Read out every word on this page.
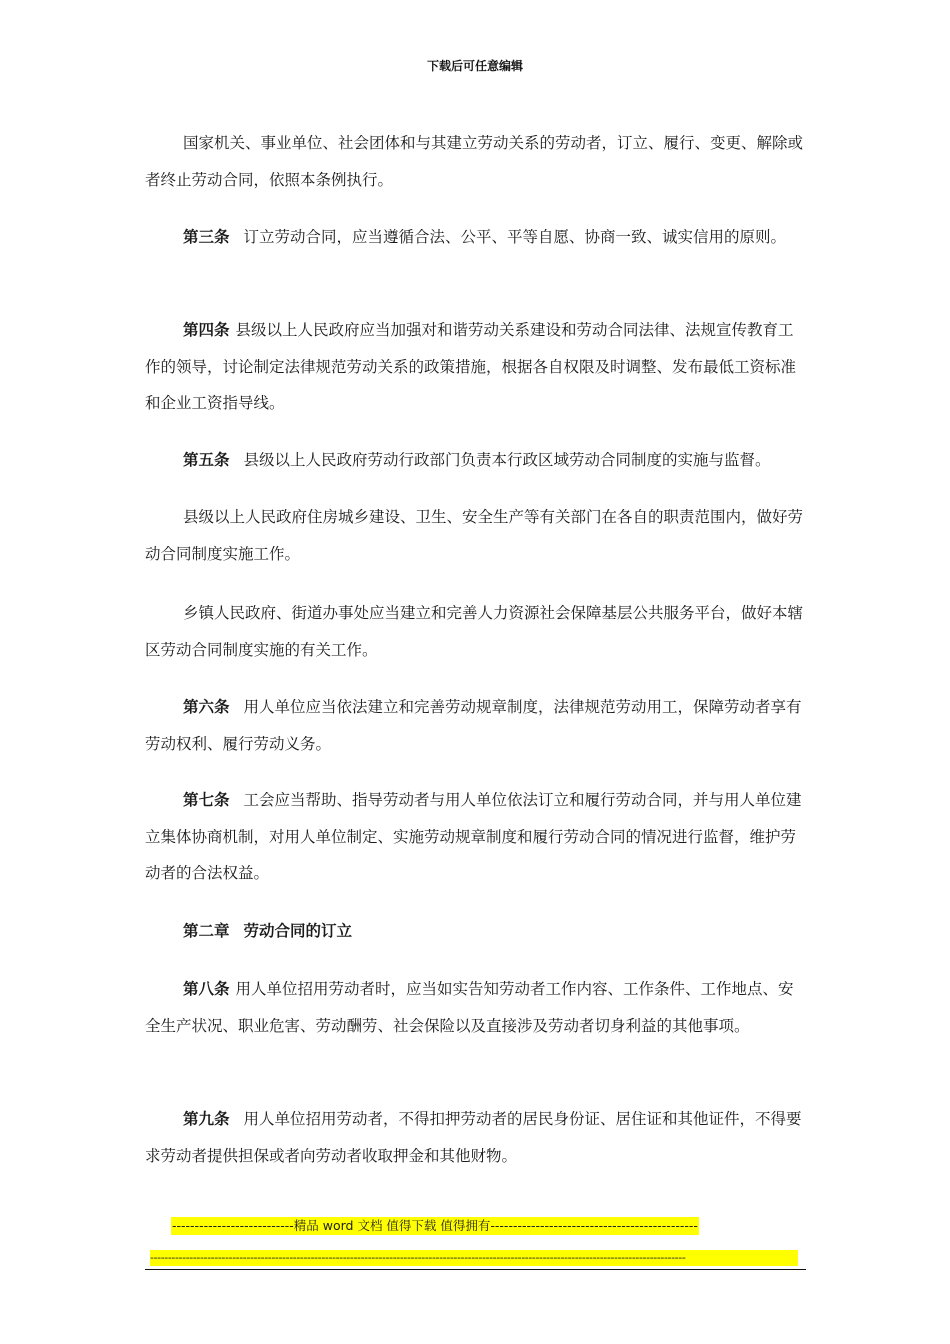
下载后可任意编辑

国家机关、事业单位、社会团体和与其建立劳动关系的劳动者，订立、履行、变更、解除或者终止劳动合同，依照本条例执行。

第三条 订立劳动合同，应当遵循合法、公平、平等自愿、协商一致、诚实信用的原则。

第四条 县级以上人民政府应当加强对和谐劳动关系建设和劳动合同法律、法规宣传教育工作的领导，讨论制定法律规范劳动关系的政策措施，根据各自权限及时调整、发布最低工资标准和企业工资指导线。

第五条 县级以上人民政府劳动行政部门负责本行政区域劳动合同制度的实施与监督。

县级以上人民政府住房城乡建设、卫生、安全生产等有关部门在各自的职责范围内，做好劳动合同制度实施工作。

乡镇人民政府、街道办事处应当建立和完善人力资源社会保障基层公共服务平台，做好本辖区劳动合同制度实施的有关工作。

第六条 用人单位应当依法建立和完善劳动规章制度，法律规范劳动用工，保障劳动者享有劳动权利、履行劳动义务。

第七条 工会应当帮助、指导劳动者与用人单位依法订立和履行劳动合同，并与用人单位建立集体协商机制，对用人单位制定、实施劳动规章制度和履行劳动合同的情况进行监督，维护劳动者的合法权益。

第二章 劳动合同的订立

第八条 用人单位招用劳动者时，应当如实告知劳动者工作内容、工作条件、工作地点、安全生产状况、职业危害、劳动酬劳、社会保险以及直接涉及劳动者切身利益的其他事项。

第九条 用人单位招用劳动者，不得扣押劳动者的居民身份证、居住证和其他证件，不得要求劳动者提供担保或者向劳动者收取押金和其他财物。

---------------------------精品 word 文档 值得下载 值得拥有----------------------------------------------
------------------------------------------------------------------------------------------------------------------------------------------------------
